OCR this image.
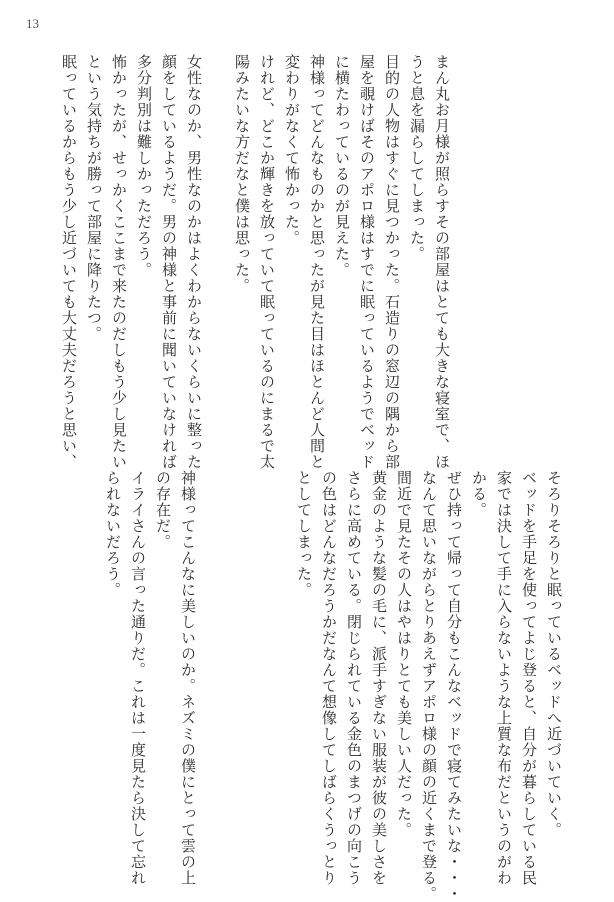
13

まん丸お月様が照らすその部屋はとても大きな寝室で、ほ

うと息を漏らしてしまった。

目的の人物はすぐに見つかった。石造りの窓辺の隅から部

屋を覗けばそのアポロ様はすでに眠っているようでベッド

に横たわっているのが見えた。

神様ってどんなものかと思ったが見た目はほとんど人間と

変わりがなくて怖かった。

けれど、どこか輝きを放っていて眠っているのにまるで太

陽みたいな方だなと僕は思った。

女性なのか、男性なのかはよくわからないくらいに整った

顔をしているようだ。男の神様と事前に聞いていなければ

多分判別は難しかっただろう。

怖かったが、せっかくここまで来たのだしもう少し見たい

という気持ちが勝って部屋に降りたつ。

眠っているからもう少し近づいても大丈夫だろうと思い、

そろりそろりと眠っているベッドへ近づいていく。

ベッドを手足を使ってよじ登ると、自分が暮らしている民

家では決して手に入らないような上質な布だというのがわ

かる。

ぜひ持って帰って自分もこんなベッドで寝てみたいな・・・

なんて思いながらとりあえずアポロ様の顔の近くまで登る。

間近で見たその人はやはりとても美しい人だった。

黄金のような髪の毛に、派手すぎない服装が彼の美しさを

さらに高めている。閉じられている金色のまつげの向こう

の色はどんなだろうかだなんて想像してしばらくうっとり

としてしまった。

神様ってこんなに美しいのか。ネズミの僕にとって雲の上

の存在だ。

イライさんの言った通りだ。これは一度見たら決して忘れ

られないだろう。
